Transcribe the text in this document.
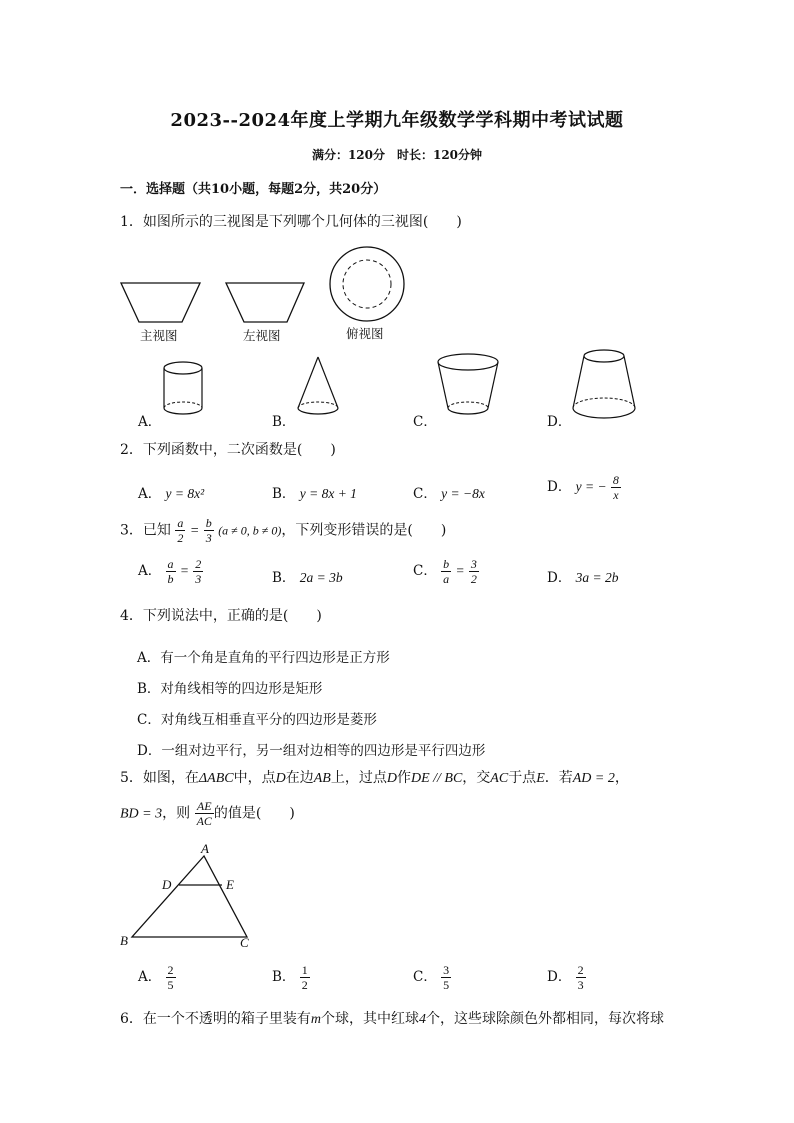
2023--2024年度上学期九年级数学学科期中考试试题
满分：120分　时长：120分钟
一．选择题（共10小题，每题2分，共20分）
1．如图所示的三视图是下列哪个几何体的三视图(　　)
主视图	左视图	俯视图
A．	B．	C．	D．
2．下列函数中，二次函数是(　　)
A． y = 8x²	B． y = 8x + 1	C． y = −8x	D． y = − $\frac{8}{x}$
3．已知 $\frac{a}{2} = \frac{b}{3} (a \ne 0$, b ≠ 0)，下列变形错误的是(　　)
A． $\frac{a}{b} = \frac{2}{3}$	B． 2a = 3b	C． $\frac{b}{a} = \frac{3}{2}$	D． 3a = 2b
4．下列说法中，正确的是(　　)
A．有一个角是直角的平行四边形是正方形
B．对角线相等的四边形是矩形
C．对角线互相垂直平分的四边形是菱形
D．一组对边平行，另一组对边相等的四边形是平行四边形
5．如图，在ΔABC中，点D在边AB上，过点D作DE // BC，交AC于点E．若AD = 2，
BD = 3，则 $\frac{AE}{AC}$ 的值是(　　)
A
D	E
B	C
A． $\frac{2}{5}$	B． $\frac{1}{2}$	C． $\frac{3}{5}$	D． $\frac{2}{3}$
6．在一个不透明的箱子里装有m个球，其中红球4个，这些球除颜色外都相同，每次将球
